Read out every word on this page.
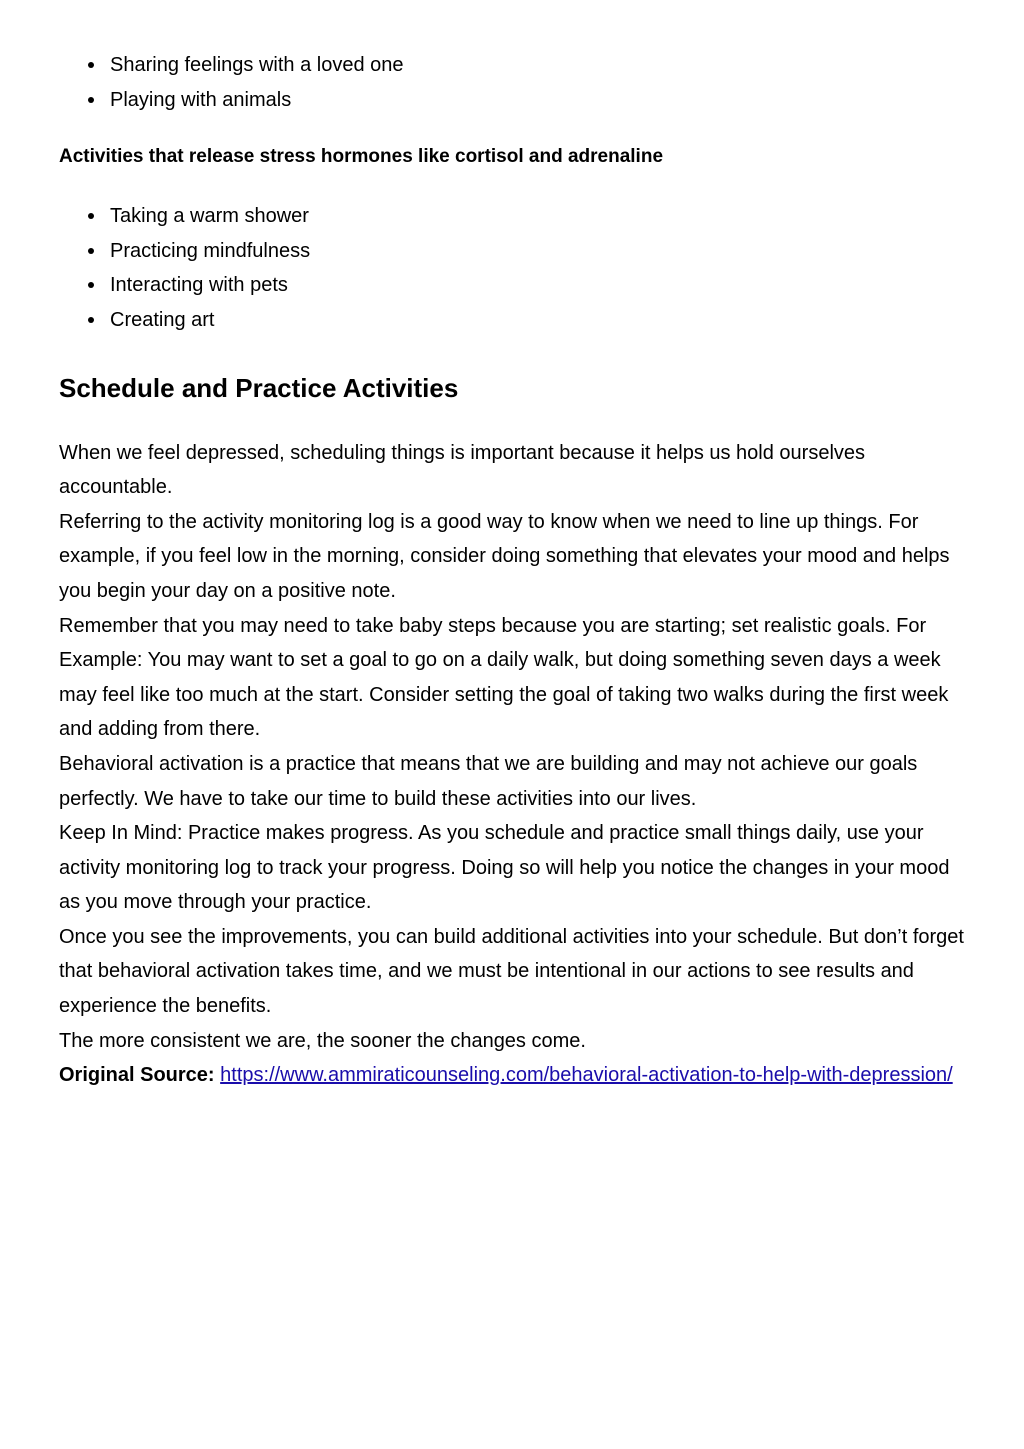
Sharing feelings with a loved one
Playing with animals
Activities that release stress hormones like cortisol and adrenaline
Taking a warm shower
Practicing mindfulness
Interacting with pets
Creating art
Schedule and Practice Activities

When we feel depressed, scheduling things is important because it helps us hold ourselves accountable.

Referring to the activity monitoring log is a good way to know when we need to line up things. For example, if you feel low in the morning, consider doing something that elevates your mood and helps you begin your day on a positive note.

Remember that you may need to take baby steps because you are starting; set realistic goals. For Example: You may want to set a goal to go on a daily walk, but doing something seven days a week may feel like too much at the start. Consider setting the goal of taking two walks during the first week and adding from there.

Behavioral activation is a practice that means that we are building and may not achieve our goals perfectly. We have to take our time to build these activities into our lives.

Keep In Mind: Practice makes progress. As you schedule and practice small things daily, use your activity monitoring log to track your progress. Doing so will help you notice the changes in your mood as you move through your practice.

Once you see the improvements, you can build additional activities into your schedule. But don’t forget that behavioral activation takes time, and we must be intentional in our actions to see results and experience the benefits.

The more consistent we are, the sooner the changes come.

Original Source: https://www.ammiraticounseling.com/behavioral-activation-to-help-with-depression/
